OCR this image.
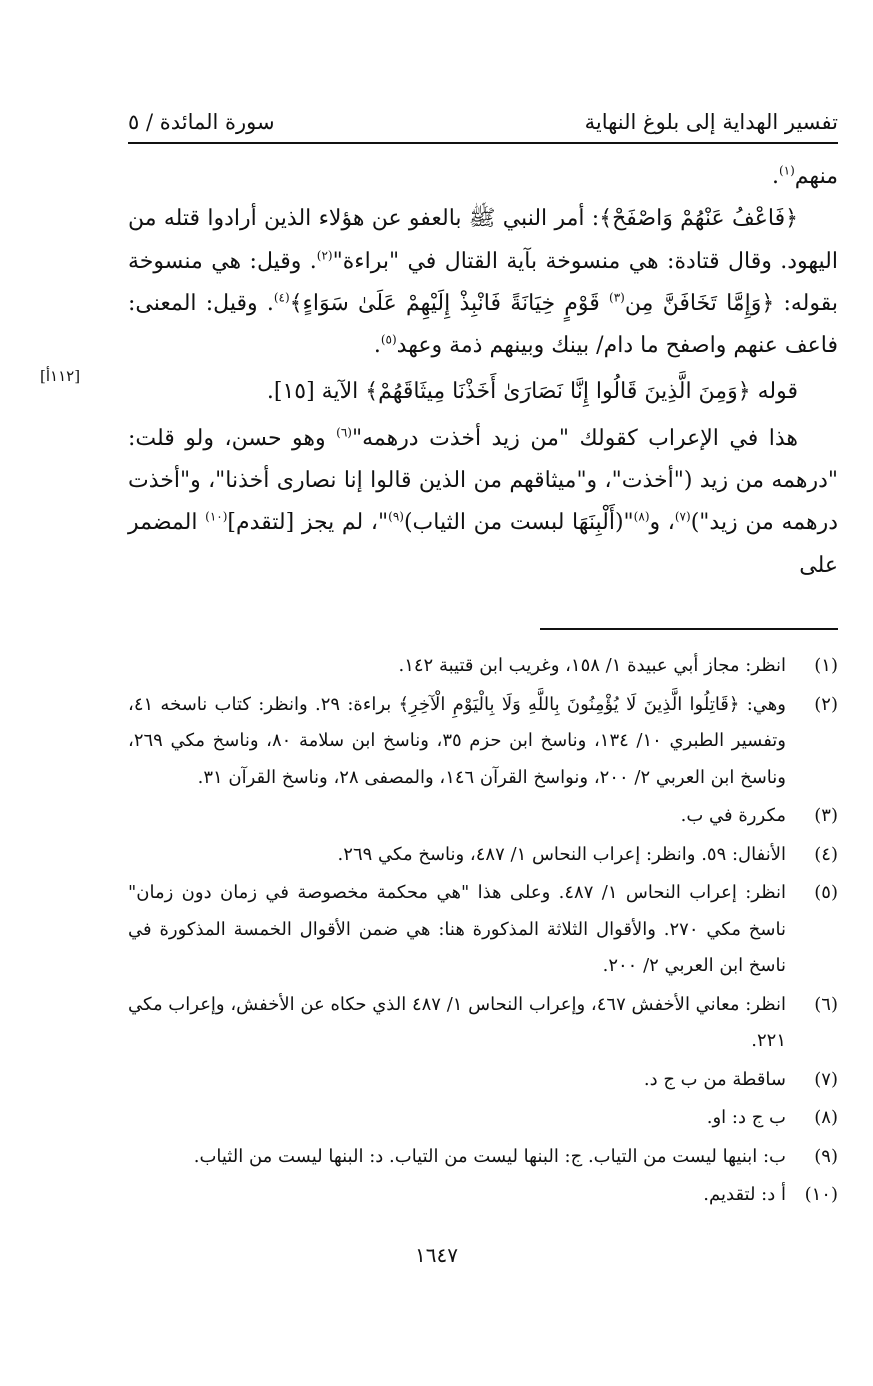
تفسير الهداية إلى بلوغ النهاية
سورة المائدة / ٥
[١١٢أ]

منهم$^{(١)}$.

﴿فَاعْفُ عَنْهُمْ وَاصْفَحْ﴾: أمر النبي ﷺ بالعفو عن هؤلاء الذين أرادوا قتله من اليهود. وقال قتادة: هي منسوخة بآية القتال في "براءة"$^{(٢)}$. وقيل: هي منسوخة بقوله: ﴿وَإِمَّا تَخَافَنَّ مِن$^{(٣)}$ قَوْمٍ خِيَانَةً فَانْبِذْ إِلَيْهِمْ عَلَىٰ سَوَاءٍ﴾$^{(٤)}$. وقيل: المعنى: فاعف عنهم واصفح ما دام/ بينك وبينهم ذمة وعهد$^{(٥)}$.

قوله ﴿وَمِنَ الَّذِينَ قَالُوا إِنَّا نَصَارَىٰ أَخَذْنَا مِيثَاقَهُمْ﴾ الآية [١٥].

هذا في الإعراب كقولك "من زيد أخذت درهمه"$^{(٦)}$ وهو حسن، ولو قلت: "درهمه من زيد ("أخذت"، و"ميثاقهم من الذين قالوا إنا نصارى أخذنا"، و"أخذت درهمه من زيد")$^{(٧)}$، و$^{(٨)}$"(أَلْبِنَهَا لبست من الثياب)$^{(٩)}$"، لم يجز [لتقدم]$^{(١٠)}$ المضمر على

(١)
انظر: مجاز أبي عبيدة ١/ ١٥٨، وغريب ابن قتيبة ١٤٢.
(٢)
وهي: ﴿قَاتِلُوا الَّذِينَ لَا يُؤْمِنُونَ بِاللَّهِ وَلَا بِالْيَوْمِ الْآخِرِ﴾ براءة: ٢٩. وانظر: كتاب ناسخه ٤١، وتفسير الطبري ١٠/ ١٣٤، وناسخ ابن حزم ٣٥، وناسخ ابن سلامة ٨٠، وناسخ مكي ٢٦٩، وناسخ ابن العربي ٢/ ٢٠٠، ونواسخ القرآن ١٤٦، والمصفى ٢٨، وناسخ القرآن ٣١.
(٣)
مكررة في ب.
(٤)
الأنفال: ٥٩. وانظر: إعراب النحاس ١/ ٤٨٧، وناسخ مكي ٢٦٩.
(٥)
انظر: إعراب النحاس ١/ ٤٨٧. وعلى هذا "هي محكمة مخصوصة في زمان دون زمان" ناسخ مكي ٢٧٠. والأقوال الثلاثة المذكورة هنا: هي ضمن الأقوال الخمسة المذكورة في ناسخ ابن العربي ٢/ ٢٠٠.
(٦)
انظر: معاني الأخفش ٤٦٧، وإعراب النحاس ١/ ٤٨٧ الذي حكاه عن الأخفش، وإعراب مكي ٢٢١.
(٧)
ساقطة من ب ج د.
(٨)
ب ج د: او.
(٩)
ب: ابنيها ليست من التياب. ج: البنها ليست من التياب. د: البنها ليست من الثياب.
(١٠)
أ د: لتقديم.
١٦٤٧
